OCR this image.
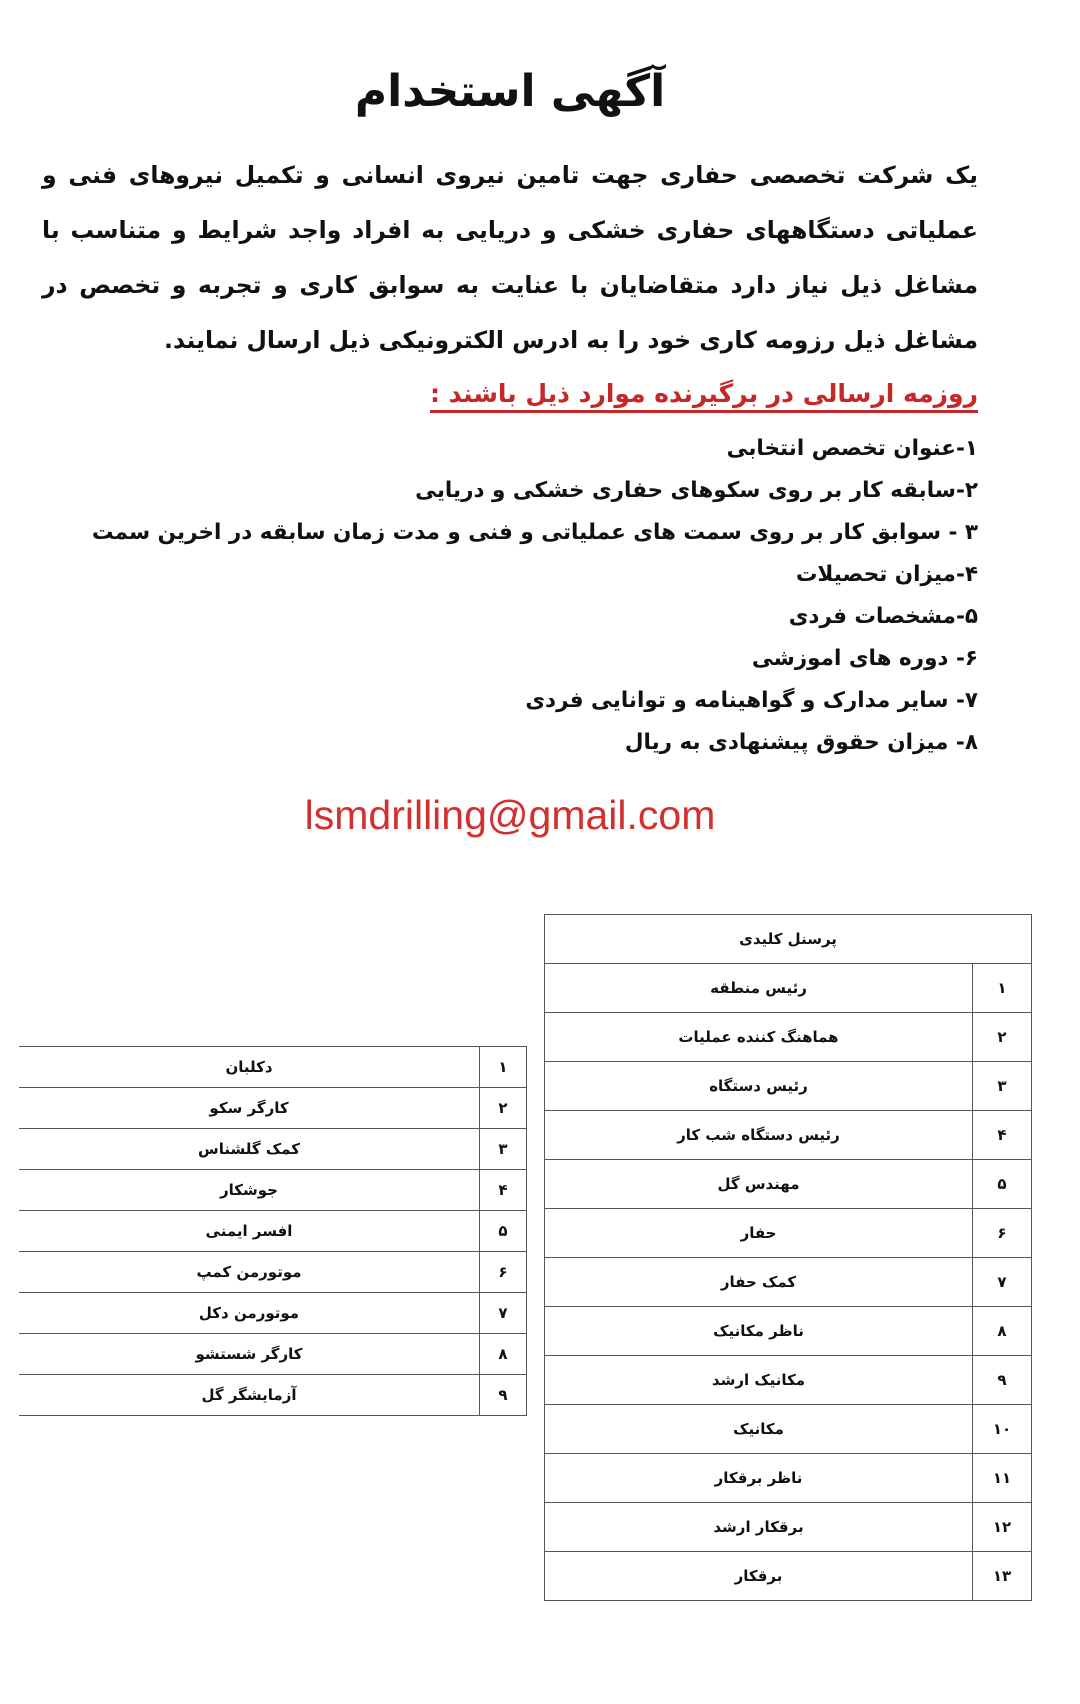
آگهی استخدام

یک شرکت تخصصی حفاری جهت تامین نیروی انسانی و تکمیل نیروهای فنی و عملیاتی دستگاههای حفاری خشکی و دریایی به افراد واجد شرایط و متناسب با مشاغل ذیل نیاز دارد متقاضایان با عنایت به سوابق کاری و تجربه و تخصص در مشاغل ذیل رزومه کاری خود را به ادرس الکترونیکی ذیل ارسال نمایند.

روزمه ارسالی در برگیرنده موارد ذیل باشند :
۱-عنوان تخصص انتخابی
۲-سابقه کار بر روی سکوهای حفاری خشکی و دریایی
۳ - سوابق کار بر روی سمت های عملیاتی و فنی و مدت زمان سابقه در اخرین سمت
۴-میزان تحصیلات
۵-مشخصات فردی
۶- دوره های اموزشی
۷- سایر مدارک و گواهینامه و توانایی فردی
۸- میزان حقوق پیشنهادی به ریال
lsmdrilling@gmail.com
پرسنل کلیدی	
۱	رئیس منطقه
۲	هماهنگ کننده عملیات
۳	رئیس دستگاه
۴	رئیس دستگاه شب کار
۵	مهندس گل
۶	حفار
۷	کمک حفار
۸	ناظر مکانیک
۹	مکانیک ارشد
۱۰	مکانیک
۱۱	ناظر برقکار
۱۲	برقکار ارشد
۱۳	برقکار
۱	دکلبان
۲	کارگر سکو
۳	کمک گلشناس
۴	جوشکار
۵	افسر ایمنی
۶	موتورمن کمپ
۷	موتورمن دکل
۸	کارگر شستشو
۹	آزمایشگر گل
